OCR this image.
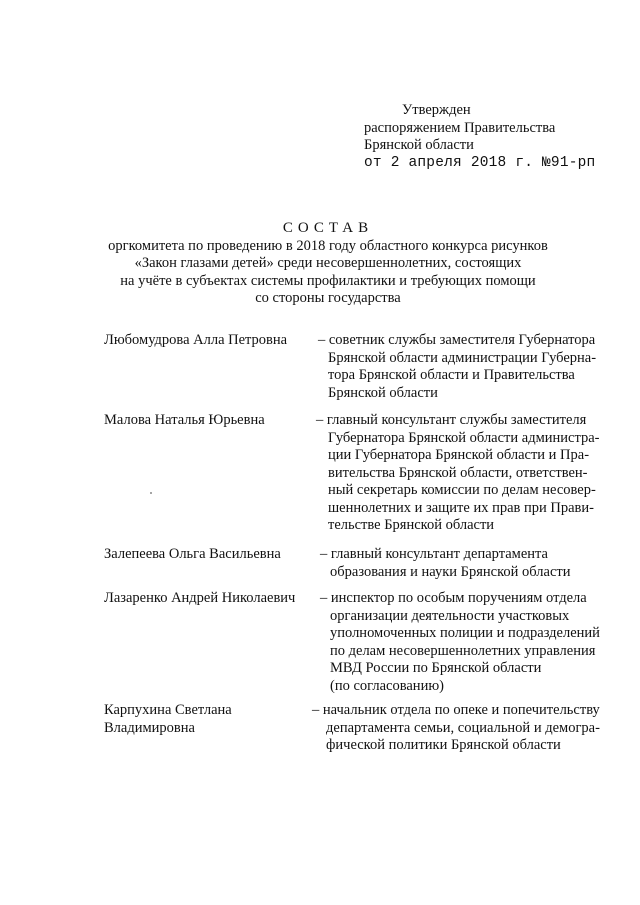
Утвержден
распоряжением Правительства
Брянской области
от 2 апреля 2018 г. №91-рп
СОСТАВ
оргкомитета по проведению в 2018 году областного конкурса рисунков
«Закон глазами детей» среди несовершеннолетних, состоящих
на учёте в субъектах системы профилактики и требующих помощи
со стороны государства
Любомудрова Алла Петровна	– советник службы заместителя Губернатора
Брянской области администрации Губерна-
тора Брянской области и Правительства
Брянской области
Малова Наталья Юрьевна	– главный консультант службы заместителя
Губернатора Брянской области администра-
ции Губернатора Брянской области и Пра-
вительства Брянской области, ответствен-
ный секретарь комиссии по делам несовер-
шеннолетних и защите их прав при Прави-
тельстве Брянской области
Залепеева Ольга Васильевна	– главный консультант департамента
образования и науки Брянской области
Лазаренко Андрей Николаевич	– инспектор по особым поручениям отдела
организации деятельности участковых
уполномоченных полиции и подразделений
по делам несовершеннолетних управления
МВД России по Брянской области
(по согласованию)
Карпухина Светлана
Владимировна
– начальник отдела по опеке и попечительству
департамента семьи, социальной и демогра-
фической политики Брянской области
